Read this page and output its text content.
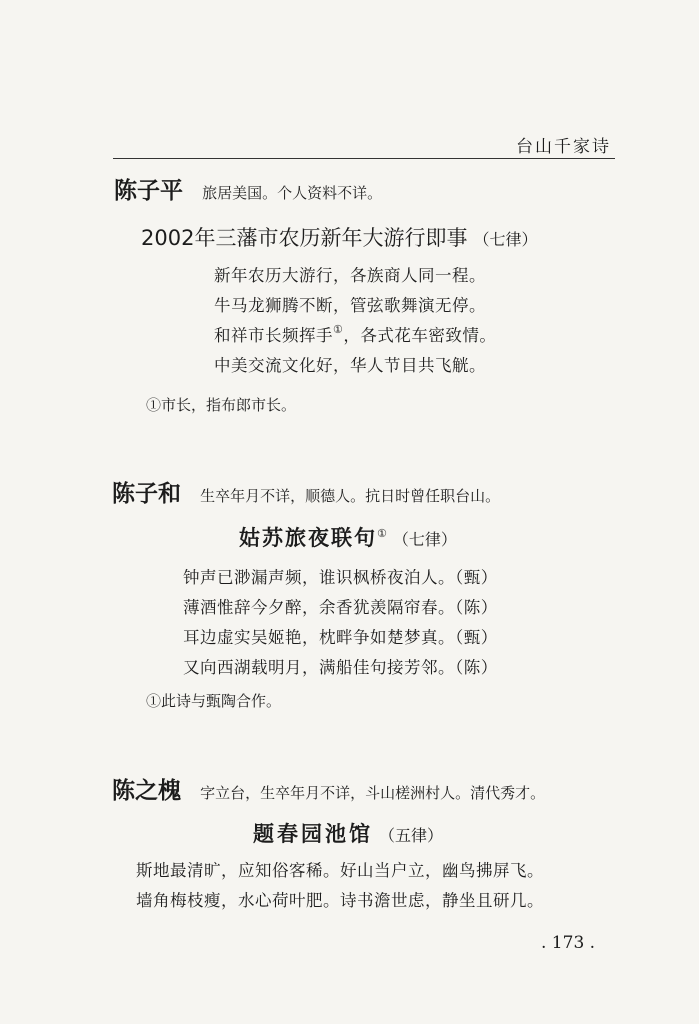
台山千家诗
陈子平 旅居美国。个人资料不详。
2002年三藩市农历新年大游行即事 （七律）
新年农历大游行，各族商人同一程。
牛马龙狮腾不断，管弦歌舞演无停。
和祥市长频挥手①，各式花车密致情。
中美交流文化好，华人节目共飞觥。
①市长，指布郎市长。
陈子和 生卒年月不详，顺德人。抗日时曾任职台山。
姑苏旅夜联句① （七律）
钟声已渺漏声频，谁识枫桥夜泊人。（甄）
薄酒惟辞今夕醉，余香犹羡隔帘春。（陈）
耳边虚实吴姬艳，枕畔争如楚梦真。（甄）
又向西湖载明月，满船佳句接芳邻。（陈）
①此诗与甄陶合作。
陈之槐 字立台，生卒年月不详，斗山槎洲村人。清代秀才。
题春园池馆 （五律）
斯地最清旷，应知俗客稀。好山当户立，幽鸟拂屏飞。
墙角梅枝瘦，水心荷叶肥。诗书澹世虑，静坐且研几。
. 173 .
